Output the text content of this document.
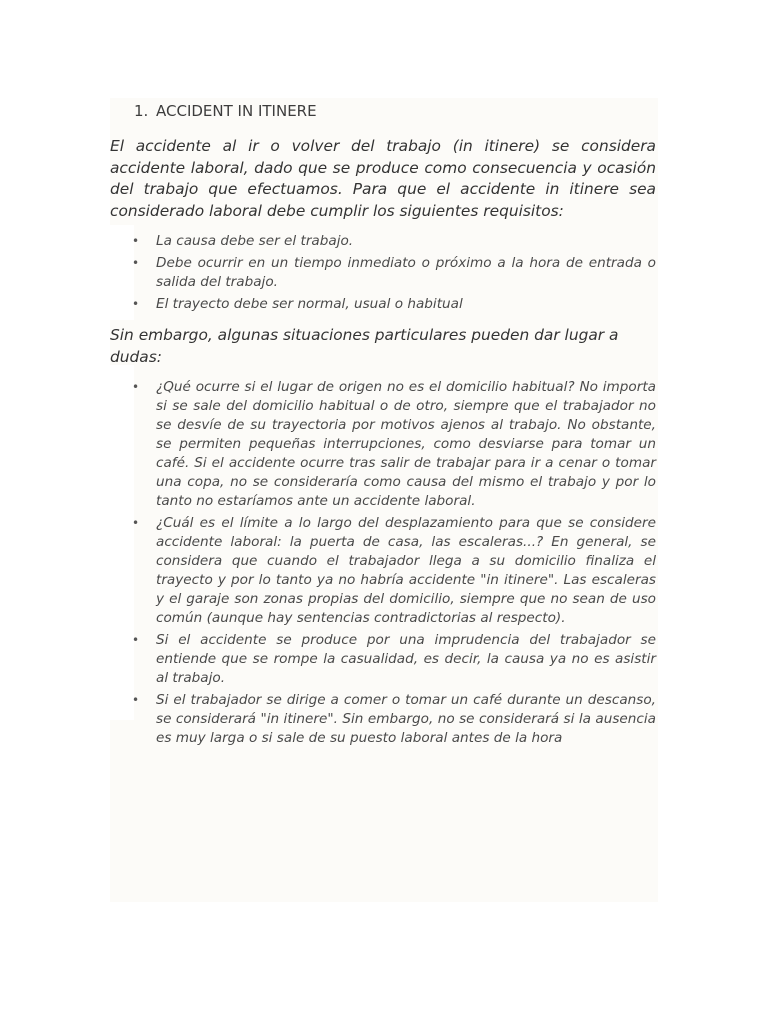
1. ACCIDENT IN ITINERE

El accidente al ir o volver del trabajo (in itinere) se considera accidente laboral, dado que se produce como consecuencia y ocasión del trabajo que efectuamos. Para que el accidente in itinere sea considerado laboral debe cumplir los siguientes requisitos:

• La causa debe ser el trabajo.
• Debe ocurrir en un tiempo inmediato o próximo a la hora de entrada o salida del trabajo.
• El trayecto debe ser normal, usual o habitual

Sin embargo, algunas situaciones particulares pueden dar lugar a dudas:

• ¿Qué ocurre si el lugar de origen no es el domicilio habitual? No importa si se sale del domicilio habitual o de otro, siempre que el trabajador no se desvíe de su trayectoria por motivos ajenos al trabajo. No obstante, se permiten pequeñas interrupciones, como desviarse para tomar un café. Si el accidente ocurre tras salir de trabajar para ir a cenar o tomar una copa, no se consideraría como causa del mismo el trabajo y por lo tanto no estaríamos ante un accidente laboral.
• ¿Cuál es el límite a lo largo del desplazamiento para que se considere accidente laboral: la puerta de casa, las escaleras...? En general, se considera que cuando el trabajador llega a su domicilio finaliza el trayecto y por lo tanto ya no habría accidente "in itinere". Las escaleras y el garaje son zonas propias del domicilio, siempre que no sean de uso común (aunque hay sentencias contradictorias al respecto).
• Si el accidente se produce por una imprudencia del trabajador se entiende que se rompe la casualidad, es decir, la causa ya no es asistir al trabajo.
• Si el trabajador se dirige a comer o tomar un café durante un descanso, se considerará "in itinere". Sin embargo, no se considerará si la ausencia es muy larga o si sale de su puesto laboral antes de la hora
